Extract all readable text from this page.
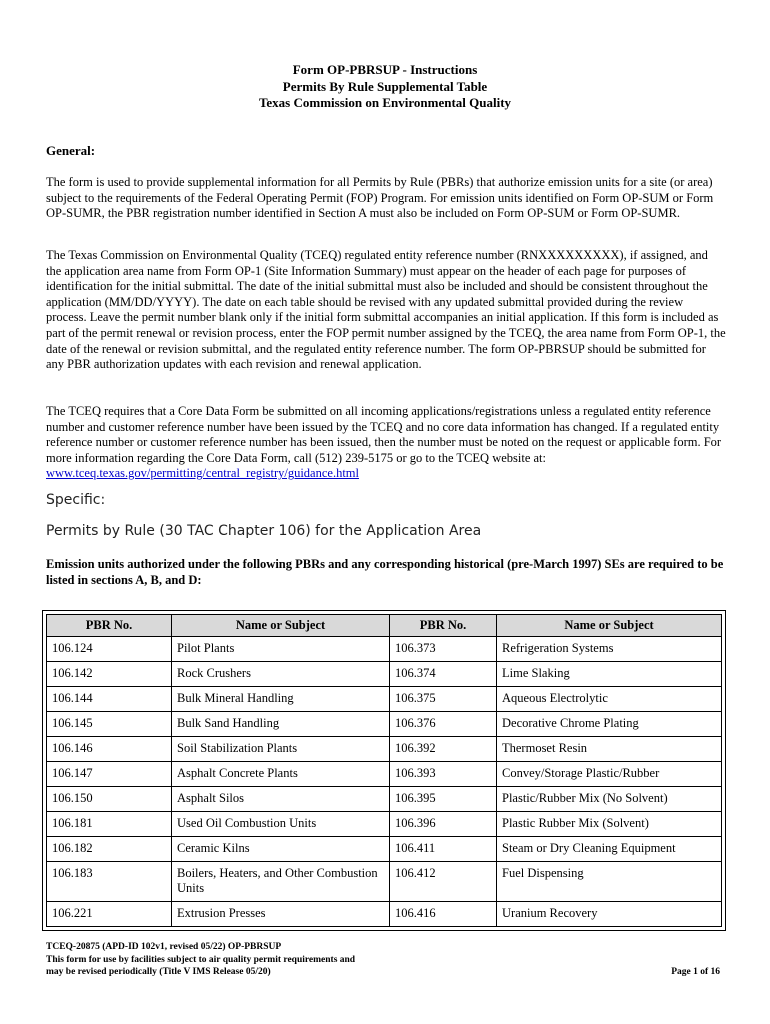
Form OP-PBRSUP - Instructions
Permits By Rule Supplemental Table
Texas Commission on Environmental Quality
General:

The form is used to provide supplemental information for all Permits by Rule (PBRs) that authorize emission units for a site (or area) subject to the requirements of the Federal Operating Permit (FOP) Program. For emission units identified on Form OP-SUM or Form OP-SUMR, the PBR registration number identified in Section A must also be included on Form OP-SUM or Form OP-SUMR.

The Texas Commission on Environmental Quality (TCEQ) regulated entity reference number (RNXXXXXXXXX), if assigned, and the application area name from Form OP-1 (Site Information Summary) must appear on the header of each page for purposes of identification for the initial submittal. The date of the initial submittal must also be included and should be consistent throughout the application (MM/DD/YYYY). The date on each table should be revised with any updated submittal provided during the review process. Leave the permit number blank only if the initial form submittal accompanies an initial application. If this form is included as part of the permit renewal or revision process, enter the FOP permit number assigned by the TCEQ, the area name from Form OP-1, the date of the renewal or revision submittal, and the regulated entity reference number. The form OP-PBRSUP should be submitted for any PBR authorization updates with each revision and renewal application.

The TCEQ requires that a Core Data Form be submitted on all incoming applications/registrations unless a regulated entity reference number and customer reference number have been issued by the TCEQ and no core data information has changed. If a regulated entity reference number or customer reference number has been issued, then the number must be noted on the request or applicable form. For more information regarding the Core Data Form, call (512) 239-5175 or go to the TCEQ website at: www.tceq.texas.gov/permitting/central_registry/guidance.html

Specific:
Permits by Rule (30 TAC Chapter 106) for the Application Area
Emission units authorized under the following PBRs and any corresponding historical (pre-March 1997) SEs are required to be listed in sections A, B, and D:
PBR No.	Name or Subject	PBR No.	Name or Subject
106.124	Pilot Plants	106.373	Refrigeration Systems
106.142	Rock Crushers	106.374	Lime Slaking
106.144	Bulk Mineral Handling	106.375	Aqueous Electrolytic
106.145	Bulk Sand Handling	106.376	Decorative Chrome Plating
106.146	Soil Stabilization Plants	106.392	Thermoset Resin
106.147	Asphalt Concrete Plants	106.393	Convey/Storage Plastic/Rubber
106.150	Asphalt Silos	106.395	Plastic/Rubber Mix (No Solvent)
106.181	Used Oil Combustion Units	106.396	Plastic Rubber Mix (Solvent)
106.182	Ceramic Kilns	106.411	Steam or Dry Cleaning Equipment
106.183	Boilers, Heaters, and Other Combustion Units	106.412	Fuel Dispensing
106.221	Extrusion Presses	106.416	Uranium Recovery
TCEQ-20875 (APD-ID 102v1, revised 05/22) OP-PBRSUP
This form for use by facilities subject to air quality permit requirements and
may be revised periodically (Title V IMS Release 05/20)	Page 1 of 16
